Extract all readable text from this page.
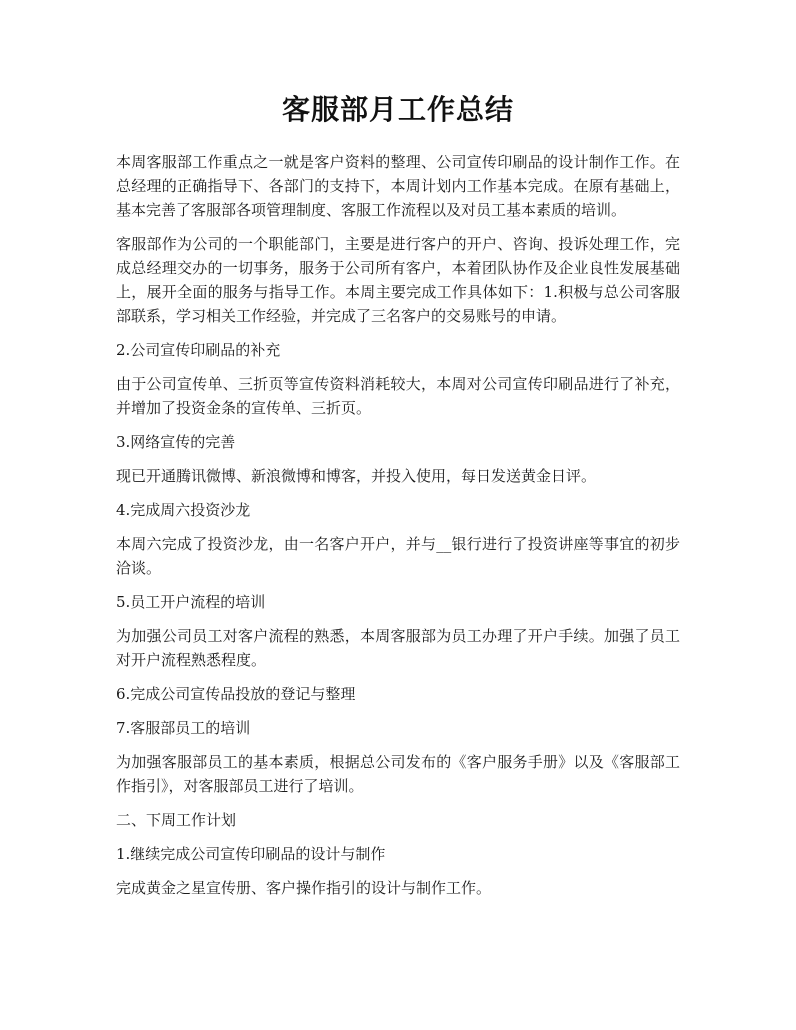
客服部月工作总结

本周客服部工作重点之一就是客户资料的整理、公司宣传印刷品的设计制作工作。在总经理的正确指导下、各部门的支持下，本周计划内工作基本完成。在原有基础上，基本完善了客服部各项管理制度、客服工作流程以及对员工基本素质的培训。

客服部作为公司的一个职能部门，主要是进行客户的开户、咨询、投诉处理工作，完成总经理交办的一切事务，服务于公司所有客户，本着团队协作及企业良性发展基础上，展开全面的服务与指导工作。本周主要完成工作具体如下：1.积极与总公司客服部联系，学习相关工作经验，并完成了三名客户的交易账号的申请。

2.公司宣传印刷品的补充

由于公司宣传单、三折页等宣传资料消耗较大，本周对公司宣传印刷品进行了补充，并增加了投资金条的宣传单、三折页。

3.网络宣传的完善

现已开通腾讯微博、新浪微博和博客，并投入使用，每日发送黄金日评。

4.完成周六投资沙龙

本周六完成了投资沙龙，由一名客户开户，并与__银行进行了投资讲座等事宜的初步洽谈。

5.员工开户流程的培训

为加强公司员工对客户流程的熟悉，本周客服部为员工办理了开户手续。加强了员工对开户流程熟悉程度。

6.完成公司宣传品投放的登记与整理

7.客服部员工的培训

为加强客服部员工的基本素质，根据总公司发布的《客户服务手册》以及《客服部工作指引》，对客服部员工进行了培训。

二、下周工作计划

1.继续完成公司宣传印刷品的设计与制作

完成黄金之星宣传册、客户操作指引的设计与制作工作。
